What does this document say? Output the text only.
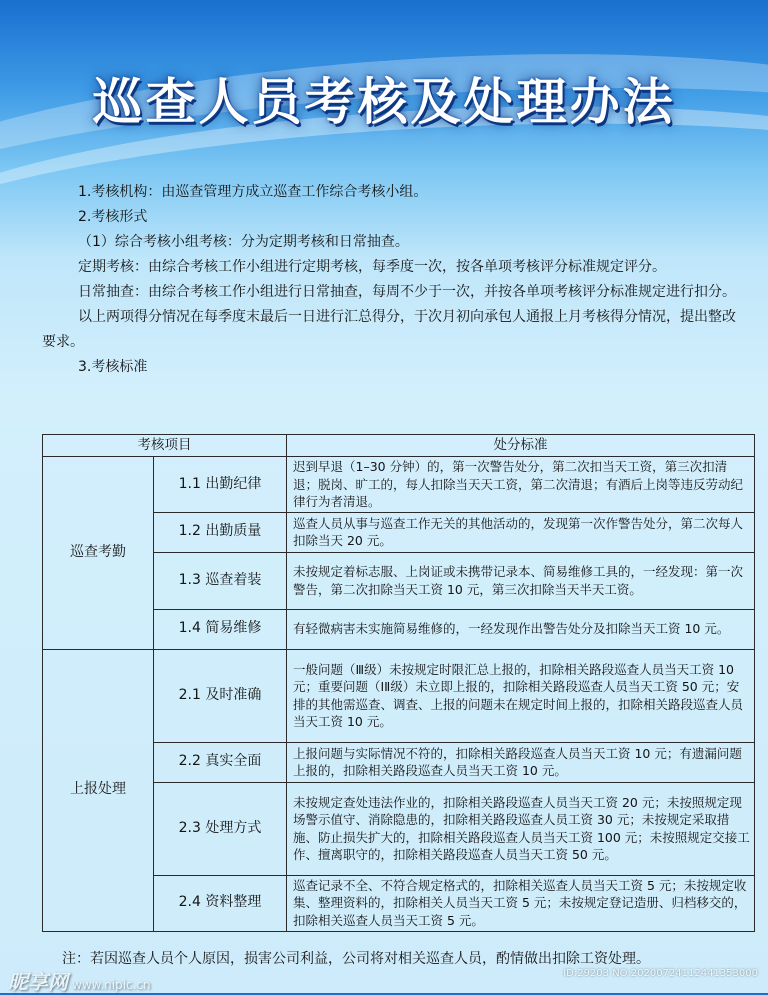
巡查人员考核及处理办法

1.考核机构：由巡查管理方成立巡查工作综合考核小组。

2.考核形式

（1）综合考核小组考核：分为定期考核和日常抽查。

定期考核：由综合考核工作小组进行定期考核，每季度一次，按各单项考核评分标准规定评分。

日常抽查：由综合考核工作小组进行日常抽查，每周不少于一次，并按各单项考核评分标准规定进行扣分。

以上两项得分情况在每季度末最后一日进行汇总得分，于次月初向承包人通报上月考核得分情况，提出整改要求。

3.考核标准

考核项目		处分标准
巡查考勤	1.1 出勤纪律	迟到早退（1–30 分钟）的，第一次警告处分，第二次扣当天工资，第三次扣清退；脱岗、旷工的，每人扣除当天天工资，第二次清退；有酒后上岗等违反劳动纪律行为者清退。
	1.2 出勤质量	巡查人员从事与巡查工作无关的其他活动的，发现第一次作警告处分，第二次每人扣除当天 20 元。
	1.3 巡查着装	未按规定着标志服、上岗证或未携带记录本、简易维修工具的，一经发现：第一次警告，第二次扣除当天工资 10 元，第三次扣除当天半天工资。
	1.4 简易维修	有轻微病害未实施简易维修的，一经发现作出警告处分及扣除当天工资 10 元。
上报处理	2.1 及时准确	一般问题（Ⅲ级）未按规定时限汇总上报的，扣除相关路段巡查人员当天工资 10 元；重要问题（ⅠⅡ级）未立即上报的，扣除相关路段巡查人员当天工资 50 元；安排的其他需巡查、调查、上报的问题未在规定时间上报的，扣除相关路段巡查人员当天工资 10 元。
	2.2 真实全面	上报问题与实际情况不符的，扣除相关路段巡查人员当天工资 10 元；有遗漏问题上报的，扣除相关路段巡查人员当天工资 10 元。
	2.3 处理方式	未按规定查处违法作业的，扣除相关路段巡查人员当天工资 20 元；未按照规定现场警示值守、消除隐患的，扣除相关路段巡查人员工资 30 元；未按规定采取措施、防止损失扩大的，扣除相关路段巡查人员当天工资 100 元；未按照规定交接工作、擅离职守的，扣除相关路段巡查人员当天工资 50 元。
	2.4 资料整理	巡查记录不全、不符合规定格式的，扣除相关巡查人员当天工资 5 元；未按规定收集、整理资料的，扣除相关人员当天工资 5 元；未按规定登记造册、归档移交的，扣除相关巡查人员当天工资 5 元。
注：若因巡查人员个人原因，损害公司利益，公司将对相关巡查人员，酌情做出扣除工资处理。
昵享网 www.nipic.cn
ID:29203 NO:20200724112441353000
